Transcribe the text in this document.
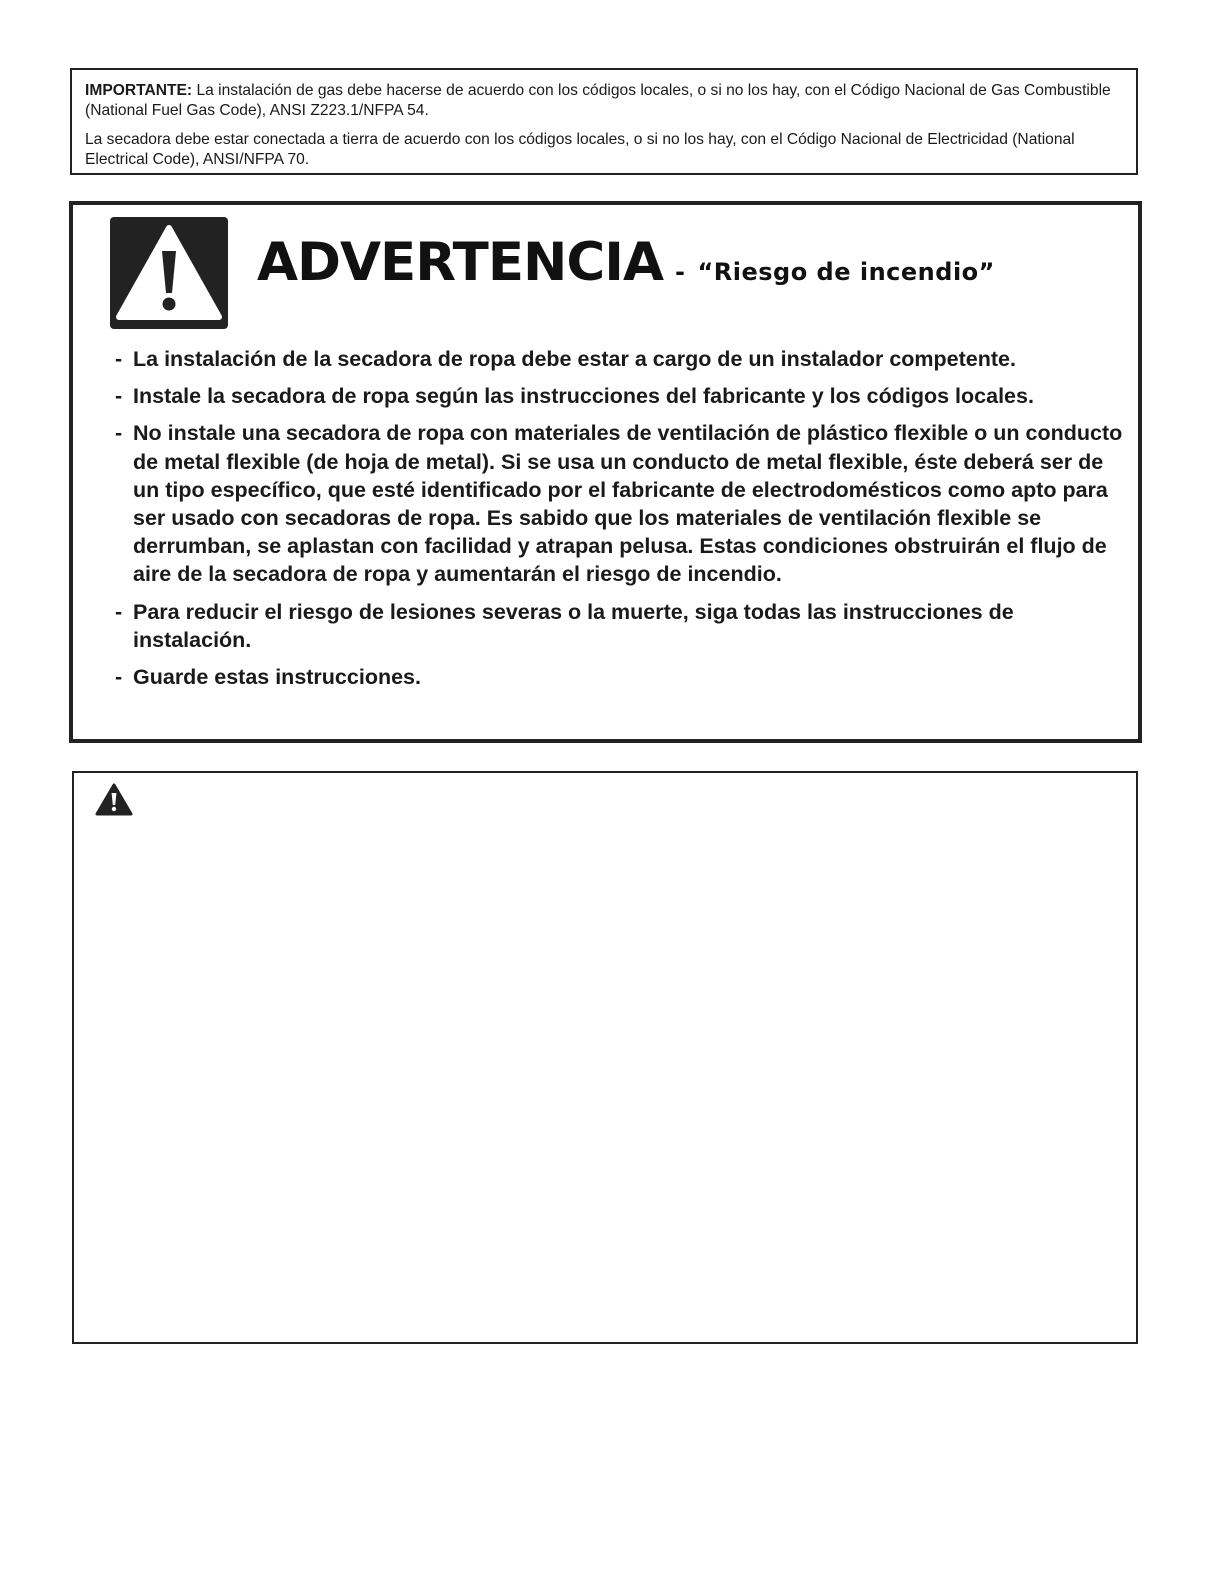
IMPORTANTE: La instalación de gas debe hacerse de acuerdo con los códigos locales, o si no los hay, con el Código Nacional de Gas Combustible (National Fuel Gas Code), ANSI Z223.1/NFPA 54.

La secadora debe estar conectada a tierra de acuerdo con los códigos locales, o si no los hay, con el Código Nacional de Electricidad (National Electrical Code), ANSI/NFPA 70.

ADVERTENCIA - “Riesgo de incendio”
- La instalación de la secadora de ropa debe estar a cargo de un instalador competente.
- Instale la secadora de ropa según las instrucciones del fabricante y los códigos locales.
- No instale una secadora de ropa con materiales de ventilación de plástico flexible o un conducto de metal flexible (de hoja de metal). Si se usa un conducto de metal flexible, éste deberá ser de un tipo específico, que esté identificado por el fabricante de electrodomésticos como apto para ser usado con secadoras de ropa. Es sabido que los materiales de ventilación flexible se derrumban, se aplastan con facilidad y atrapan pelusa. Estas condiciones obstruirán el flujo de aire de la secadora de ropa y aumentarán el riesgo de incendio.
- Para reducir el riesgo de lesiones severas o la muerte, siga todas las instrucciones de instalación.
- Guarde estas instrucciones.
